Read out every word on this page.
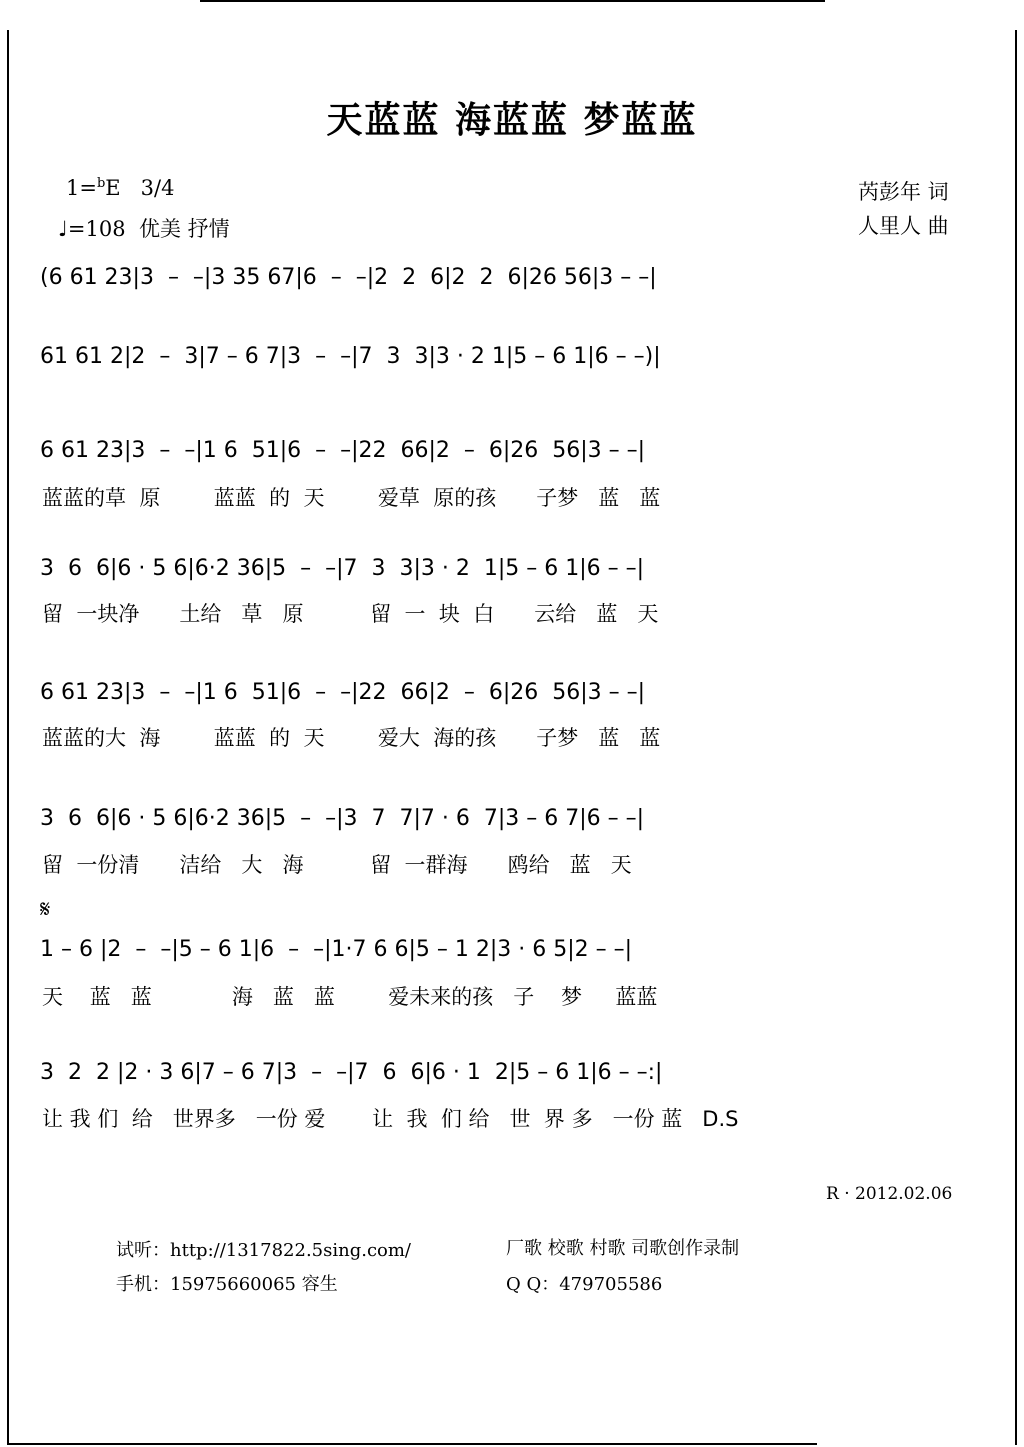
天蓝蓝 海蓝蓝 梦蓝蓝
1=$^b$E 3/4
♩=108 优美 抒情
芮彭年 词
人里人 曲
(6 61 23|3  –  –|3 35 67|6  –  –|2  2  6|2  2  6|26 56|3 – –|
61 61 2|2  –  3|7 – 6 7|3  –  –|7  3  3|3 · 2 1|5 – 6 1|6 – –)|
6 61 23|3  –  –|1 6  51|6  –  –|22  66|2  –  6|26  56|3 – –|
蓝蓝的草  原        蓝蓝  的  天        爱草  原的孩      子梦   蓝   蓝
3  6  6|6 · 5 6|6·2 36|5  –  –|7  3  3|3 · 2  1|5 – 6 1|6 – –|
留  一块净      土给   草   原          留  一  块  白      云给   蓝   天
6 61 23|3  –  –|1 6  51|6  –  –|22  66|2  –  6|26  56|3 – –|
蓝蓝的大  海        蓝蓝  的  天        爱大  海的孩      子梦   蓝   蓝
3  6  6|6 · 5 6|6·2 36|5  –  –|3  7  7|7 · 6  7|3 – 6 7|6 – –|
留  一份清      洁给   大   海          留  一群海      鸥给   蓝   天
𝄋
1 – 6 |2  –  –|5 – 6 1|6  –  –|1·7 6 6|5 – 1 2|3 · 6 5|2 – –|
天    蓝   蓝            海   蓝   蓝        爱未来的孩   子    梦     蓝蓝
3  2  2 |2 · 3 6|7 – 6 7|3  –  –|7  6  6|6 · 1  2|5 – 6 1|6 – –:|
让 我 们  给   世界多   一份 爱       让  我  们 给   世  界 多   一份 蓝   D.S
R · 2012.02.06
试听：http://1317822.5sing.com/	厂歌 校歌 村歌 司歌创作录制
手机：15975660065 容生	Q Q：479705586
